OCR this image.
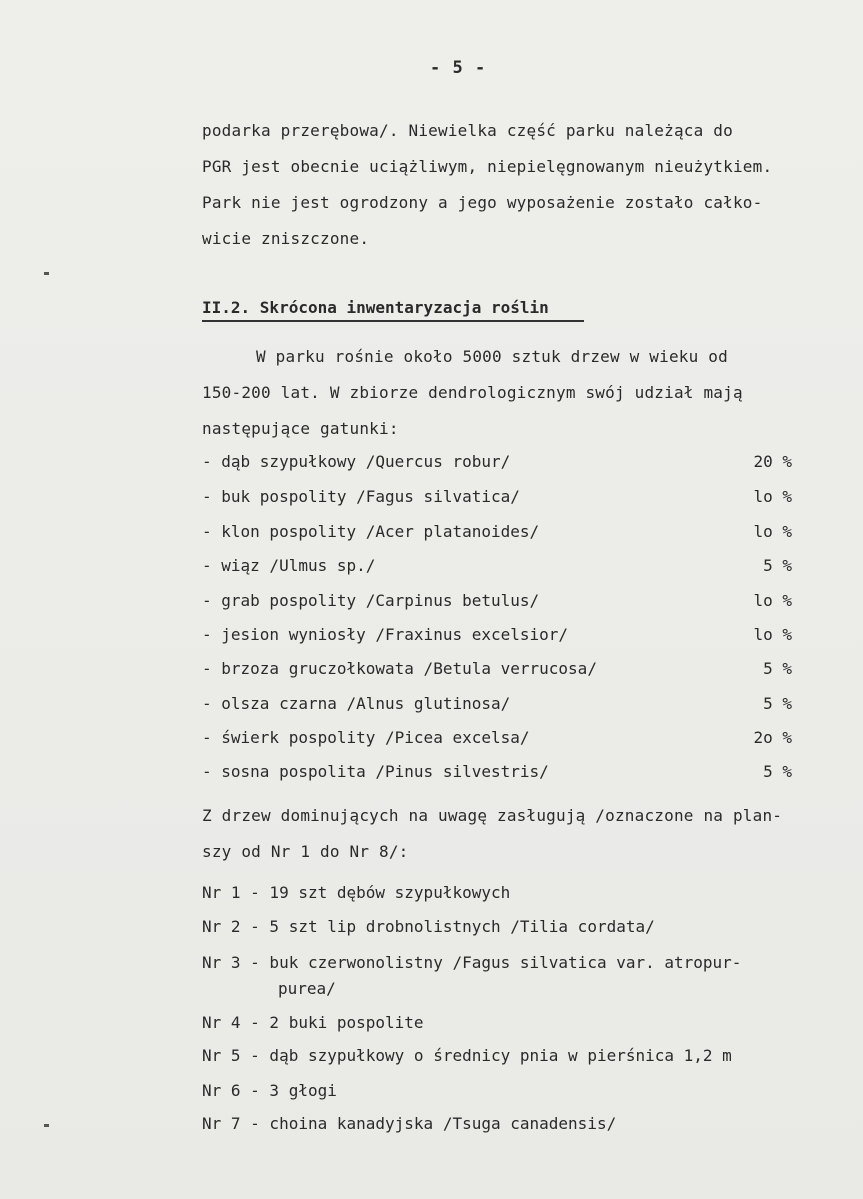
- 5 -
podarka przerębowa/. Niewielka część parku należąca do
PGR jest obecnie uciążliwym, niepielęgnowanym nieużytkiem.
Park nie jest ogrodzony a jego wyposażenie zostało całko-
wicie zniszczone.
II.2. Skrócona inwentaryzacja roślin
W parku rośnie około 5000 sztuk drzew w wieku od
150-200 lat. W zbiorze dendrologicznym swój udział mają
następujące gatunki:
- dąb szypułkowy /Quercus robur/	20 %
- buk pospolity /Fagus silvatica/	lo %
- klon pospolity /Acer platanoides/	lo %
- wiąz /Ulmus sp./	5 %
- grab pospolity /Carpinus betulus/	lo %
- jesion wyniosły /Fraxinus excelsior/	lo %
- brzoza gruczołkowata /Betula verrucosa/	5 %
- olsza czarna /Alnus glutinosa/	5 %
- świerk pospolity /Picea excelsa/	2o %
- sosna pospolita /Pinus silvestris/	5 %
Z drzew dominujących na uwagę zasługują /oznaczone na plan-
szy od Nr 1 do Nr 8/:
Nr 1 - 19 szt dębów szypułkowych
Nr 2 - 5 szt lip drobnolistnych /Tilia cordata/
Nr 3 - buk czerwonolistny /Fagus silvatica var. atropur-
purea/
Nr 4 - 2 buki pospolite
Nr 5 - dąb szypułkowy o średnicy pnia w pierśnica 1,2 m
Nr 6 - 3 głogi
Nr 7 - choina kanadyjska /Tsuga canadensis/
